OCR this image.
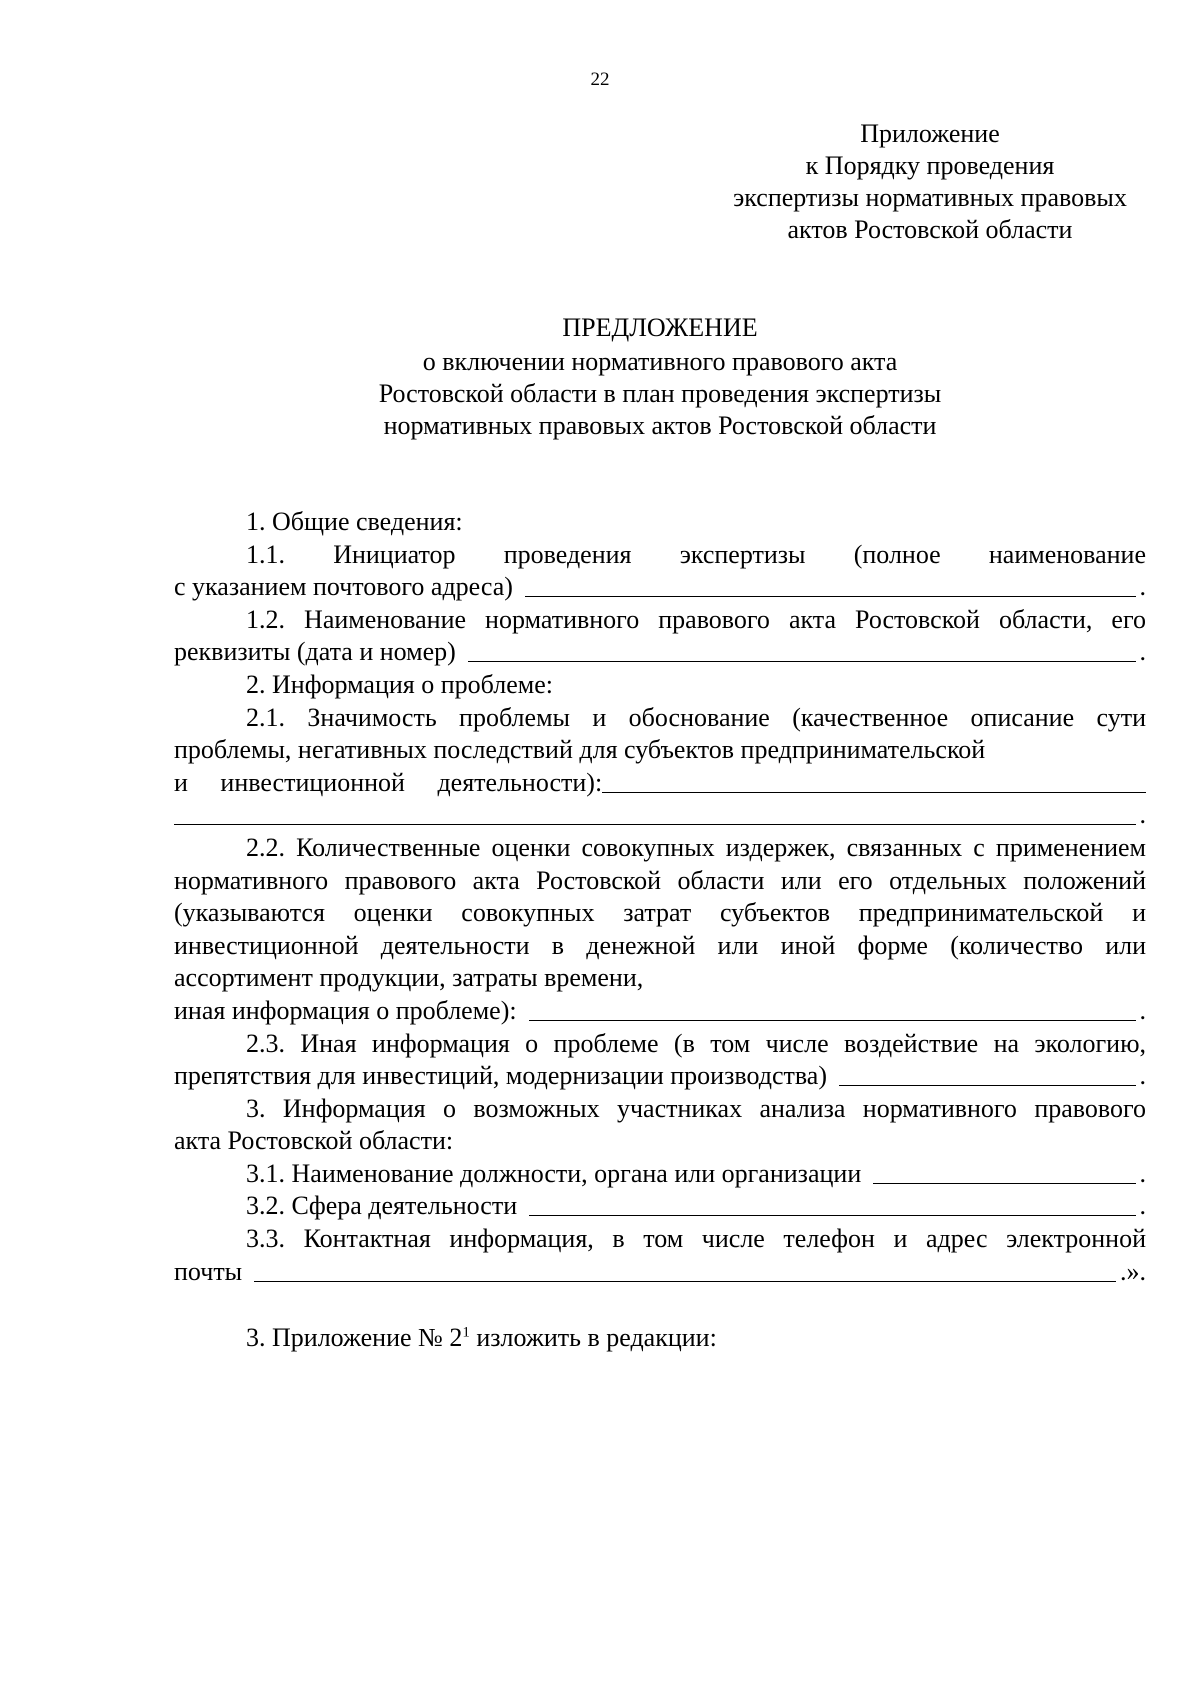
22
Приложение
к Порядку проведения
экспертизы нормативных правовых
актов Ростовской области
ПРЕДЛОЖЕНИЕ
о включении нормативного правового акта
Ростовской области в план проведения экспертизы
нормативных правовых актов Ростовской области
1. Общие сведения:
1.1. Инициатор проведения экспертизы (полное наименование
с указанием почтового адреса)	.
1.2. Наименование нормативного правового акта Ростовской области, его
реквизиты (дата и номер)	.
2. Информация о проблеме:

2.1. Значимость проблемы и обоснование (качественное описание сути проблемы, негативных последствий для субъектов предпринимательской

и инвестиционной деятельности):
.

2.2. Количественные оценки совокупных издержек, связанных с применением нормативного правового акта Ростовской области или его отдельных положений (указываются оценки совокупных затрат субъектов предпринимательской и инвестиционной деятельности в денежной или иной форме (количество или ассортимент продукции, затраты времени,

иная информация о проблеме):	.
2.3. Иная информация о проблеме (в том числе воздействие на экологию,
препятствия для инвестиций, модернизации производства)	.
3. Информация о возможных участниках анализа нормативного правового
акта Ростовской области:
3.1. Наименование должности, органа или организации	.
3.2. Сфера деятельности	.
3.3. Контактная информация, в том числе телефон и адрес электронной
почты	.».
3. Приложение № $2^1$ изложить в редакции:
